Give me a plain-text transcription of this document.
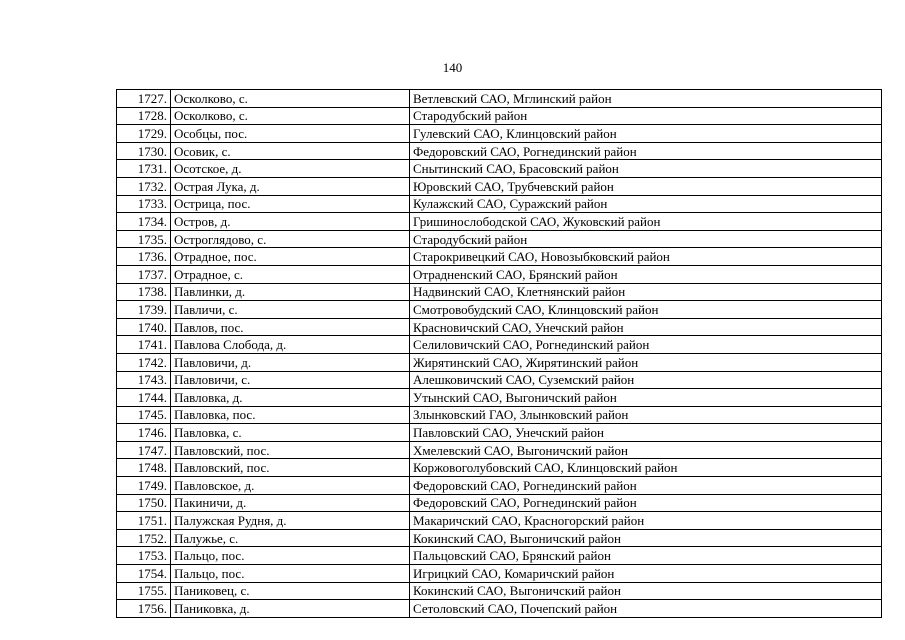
140
1727.	Осколково, с.	Ветлевский САО, Мглинский район
1728.	Осколково, с.	Стародубский район
1729.	Особцы, пос.	Гулевский САО, Клинцовский район
1730.	Осовик, с.	Федоровский САО, Рогнединский район
1731.	Осотское, д.	Снытинский САО, Брасовский район
1732.	Острая Лука, д.	Юровский САО, Трубчевский район
1733.	Острица, пос.	Кулажский САО, Суражский район
1734.	Остров, д.	Гришинослободской САО, Жуковский район
1735.	Остроглядово, с.	Стародубский район
1736.	Отрадное, пос.	Старокривецкий САО, Новозыбковский район
1737.	Отрадное, с.	Отрадненский САО, Брянский район
1738.	Павлинки, д.	Надвинский САО, Клетнянский район
1739.	Павличи, с.	Смотровобудский САО, Клинцовский район
1740.	Павлов, пос.	Красновичский САО, Унечский район
1741.	Павлова Слобода, д.	Селиловичский САО, Рогнединский район
1742.	Павловичи, д.	Жирятинский САО, Жирятинский район
1743.	Павловичи, с.	Алешковичский САО, Суземский район
1744.	Павловка, д.	Утынский САО, Выгоничский район
1745.	Павловка, пос.	Злынковский ГАО, Злынковский район
1746.	Павловка, с.	Павловский САО, Унечский район
1747.	Павловский, пос.	Хмелевский САО, Выгоничский район
1748.	Павловский, пос.	Коржовоголубовский САО, Клинцовский район
1749.	Павловское, д.	Федоровский САО, Рогнединский район
1750.	Пакиничи, д.	Федоровский САО, Рогнединский район
1751.	Палужская Рудня, д.	Макаричский САО, Красногорский район
1752.	Палужье, с.	Кокинский САО, Выгоничский район
1753.	Пальцо, пос.	Пальцовский САО, Брянский район
1754.	Пальцо, пос.	Игрицкий САО, Комаричский район
1755.	Паниковец, с.	Кокинский САО, Выгоничский район
1756.	Паниковка, д.	Сетоловский САО, Почепский район
